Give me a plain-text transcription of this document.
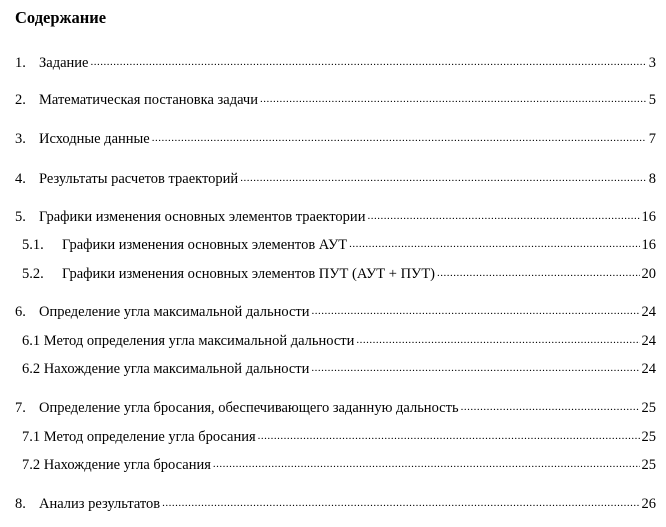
Содержание
1. Задание .....	3
2. Математическая постановка задачи .....	5
3. Исходные данные .....	7
4. Результаты расчетов траекторий .....	8
5. Графики изменения основных элементов траектории .....	16
5.1. Графики изменения основных элементов АУТ .....	16
5.2. Графики изменения основных элементов ПУТ (АУТ + ПУТ) .....	20
6. Определение угла максимальной дальности .....	24
6.1 Метод определения угла максимальной дальности .....	24
6.2 Нахождение угла максимальной дальности .....	24
7. Определение угла бросания, обеспечивающего заданную дальность .....	25
7.1 Метод определение угла бросания .....	25
7.2 Нахождение угла бросания .....	25
8. Анализ результатов .....	26
